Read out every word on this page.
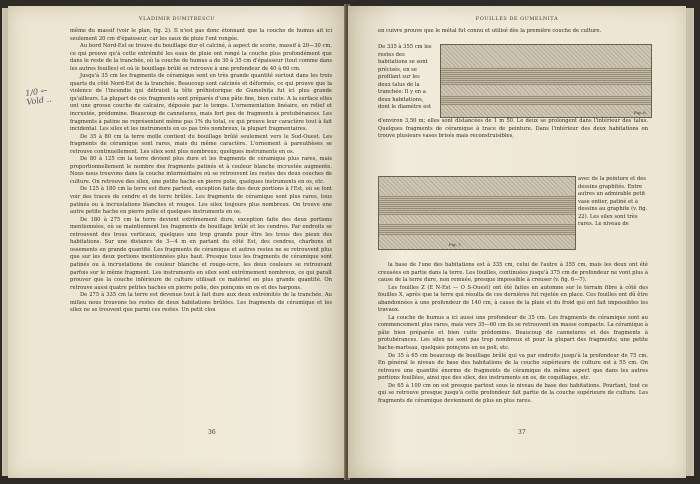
VLADIMIR DUMITRESCU
1/0 ← Vold ..

même du massif (voir le plan, fig. 2). Il n'est pas donc étonnant que la couche de humus ait ici seulement 20 cm d'épaisseur, car les eaux de pluie l'ont rongée.

Au bord Nord-Est se trouve du bouillage dur et calciné, à aspect de scorie, massif à 20—30 cm, ce qui prouve qu'à cette extrémité les eaux de pluie ont rongé la couche plus profondément que dans le reste de la tranchée, où la couche de humus a de 30 à 35 cm d'épaisseur (tout comme dans les autres fouilles) et où le bouillage brûlé se retrouve à une profondeur de 40 à 60 cm.

Jusqu'à 35 cm les fragments de céramique sont en très grande quantité surtout dans les trois quarts du côté Nord-Est de la tranchée. Beaucoup sont calcinés et déformés, ce qui prouve que la violence de l'incendie qui détruisit la tête préhistorique de Gumelnița fut ici plus grande qu'ailleurs. La plupart de ces fragments sont préparés d'une pâte fine, bien cuite. A la surface elles ont une grosse couche de calcaire, déposée par le temps. L'ornementation linéaire, en relief et incrustée, prédomine. Beaucoup de cannelures, mais fort peu de fragments à protubérances. Les fragments à patine ne représentent même pas 1% du total, ce qui prouve leur caractère tout à fait incidental. Les silex et les instruments en os pas très nombreux, la plupart fragmentaires.

De 35 à 80 cm la terre molle contient du bouillage brûlé seulement vers le Sud-Ouest. Les fragments de céramique sont rares, mais du même caractère. L'ornement à pareuthèses se retrouve continuellement. Les silex sont plus nombreux; quelques instruments en os.

De 80 à 125 cm la terre devient plus dure et les fragments de céramique plus rares, mais proportionnellement le nombre des fragments patinés et à couleur blanche incrustée augmente. Nous nous trouvons dans la couche intermédiaire où se retrouvent les restes des deux couches de culture. On retrouve des silex, une petite hache en pierre polie, quelques instruments en os, etc.

De 125 à 180 cm la terre est dure partout, exception faite des deux portions à l'Est, où se font voir des traces de cendre et de terre brûlée. Les fragments de céramique sont plus rares, tous patinés ou à incrustations blanches et rouges. Les silex toujours plus nombreux. On trouve une autre petite hache en pierre polie et quelques instruments en os.

De 180 à 275 cm la terre devient extrêmement dure, exception faite des deux portions mentionnées, où se maintiennent les fragments de bouillage brûlé et les cendres. Par endroits se retrouvent des trous verticaux, quelques uns trop grands pour être les trous des pieux des habitations. Sur une distance de 3—4 m en partant du côté Est, des cendres, charbons et ossements en grande quantité. Les fragments de céramique et autres restes ne se retrouvent plus que sur les deux portions mentionnées plus haut. Presque tous les fragments de céramique sont patinés ou à incrustations de couleur blanche et rouge-ocre, les deux couleurs se retrouvant parfois sur le même fragment. Les instruments en silex sont extrêmement nombreux, ce qui paraît prouver que la couche inférieure de culture utilisait ce matériel en plus grande quantité. On retrouve aussi quatre petites haches en pierre polie, des poinçons en os et des harpons.

De 275 à 335 cm la terre est devenue tout à fait dure aux deux extrémités de la tranchée. Au milieu nous trouvons les restes de deux habitations brûlées. Les fragments de céramique et les silex ne se trouvent que parmi ces restes. Un petit clou

36
FOUILLES DE GUMELNIȚA

en cuivre prouve que le métal fut connu et utilisé dès la première couche de culture.

De 335 à 355 cm les restes des habitations se sont précisés, en se profilant sur les deux talus de la tranchée: Il y en a deux habitations, dont le diamètre est
Fig. 6.

d'environ 3,50 m; elles sont distancées de 1 m 50. Le deux se prolongent dans l'intérieur des talus. Quelques fragments de céramique à trace de peinture. Dans l'intérieur des deux habitations on trouve plusieurs vases brisés mais reconstruisibles,

Fig. 7.
avec de la peinture et des dessins graphités. Entre autres un admirable petit vase entier, patiné et à dessins au graphite (v. fig. 22). Les silex sont très rares. Le niveau de

la base de l'une des habitations est à 335 cm, celui de l'autre à 355 cm, mais les deux ont été creusées en partie dans la terre. Les fouilles, continuées jusqu'à 375 cm de profondeur ne vont plus à cause de la terre dure, non remuée, presque impossible à creuser (v. fig. 6—7).

Les fouilles Z (E N-Est — O S-Ouest) ont été faites en automne sur le terrain fibre à côté des fouilles X, après que la terre qui résulta de ces dernières fut rejetée en place. Ces fouilles ont dû être abandonnées à une profondeur de 140 cm, à cause de la pluie et du froid qui ont fait impossibles les travaux.

La couche de humus a ici aussi une profondeur de 35 cm. Les fragments de céramique sont au commencement plus rares, mais vers 35—60 cm ils se retrouvent en masse compacte. La céramique à pâte bien préparée et bien cuite prédomine. Beaucoup de cannelures et des fragments à protubérances. Les silex ne sont pas trop nombreux et pour la plupart des fragments; une petite hache-marteau, quelques poinçons en os poli, etc.

De 35 à 65 cm beaucoup de bouillage brûlé qui va par endroits jusqu'à la profondeur de 75 cm. En général le niveau de base des habitations de la couche supérieure de culture est à 55 cm. On retrouve une quantité énorme de fragments de céramique du même aspect que dans les autres portions fouillées, ainsi que des silex, des instruments en os, de coquillages, etc.

De 65 à 100 cm on est presque partout sous le niveau de base des habitations. Pourtant, tout ce qui se retrouve presque jusqu'à cette profondeur fait partie de la couche supérieure de culture. Les fragments de céramique deviennent de plus en plus rares.

37
